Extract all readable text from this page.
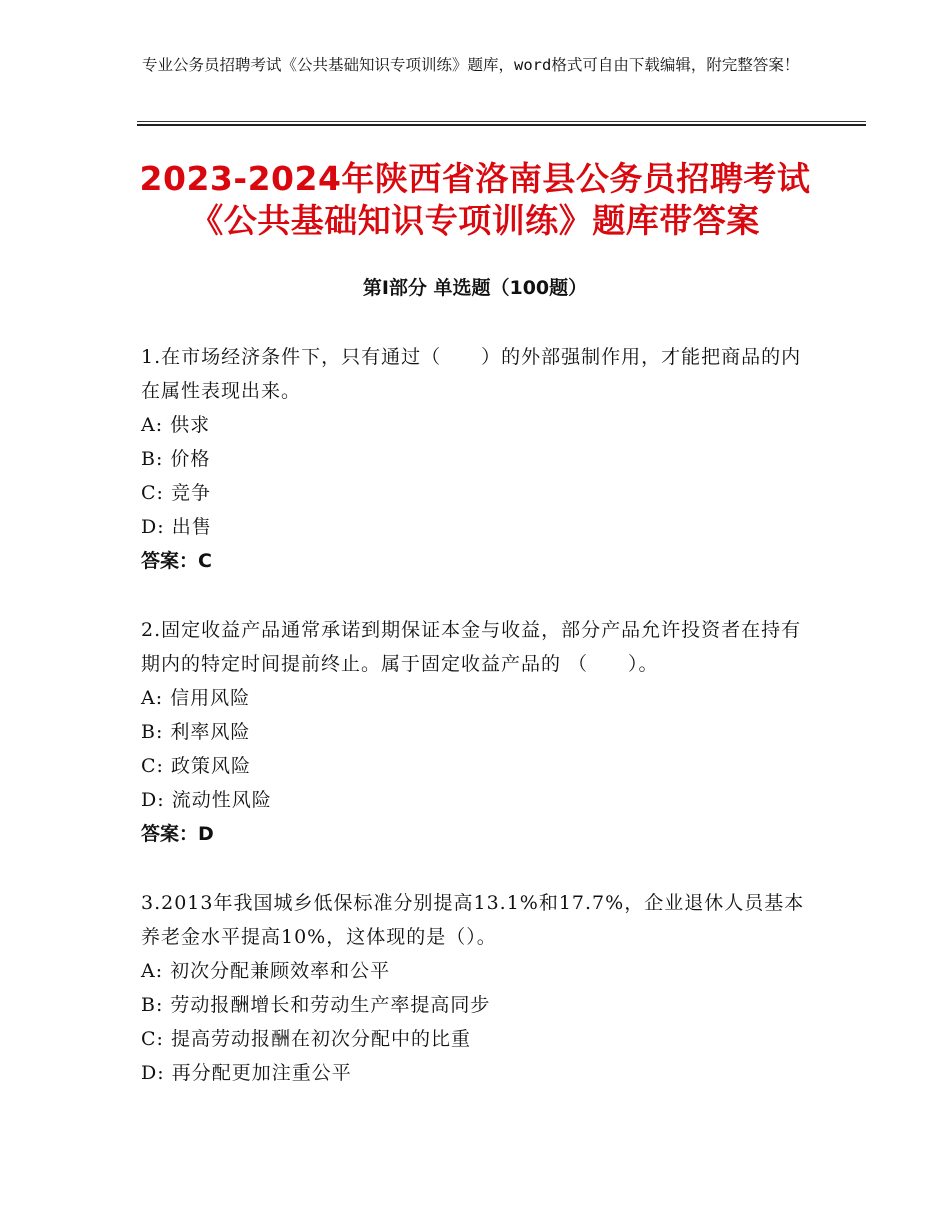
专业公务员招聘考试《公共基础知识专项训练》题库，word格式可自由下载编辑，附完整答案！
2023-2024年陕西省洛南县公务员招聘考试
《公共基础知识专项训练》题库带答案
第Ⅰ部分 单选题（100题）

1.在市场经济条件下，只有通过（　　）的外部强制作用，才能把商品的内在属性表现出来。

A: 供求
B: 价格
C: 竞争
D: 出售
答案：C

2.固定收益产品通常承诺到期保证本金与收益，部分产品允许投资者在持有期内的特定时间提前终止。属于固定收益产品的 （　　）。

A: 信用风险
B: 利率风险
C: 政策风险
D: 流动性风险
答案：D

3.2013年我国城乡低保标准分别提高13.1%和17.7%，企业退休人员基本养老金水平提高10%，这体现的是（）。

A: 初次分配兼顾效率和公平
B: 劳动报酬增长和劳动生产率提高同步
C: 提高劳动报酬在初次分配中的比重
D: 再分配更加注重公平
